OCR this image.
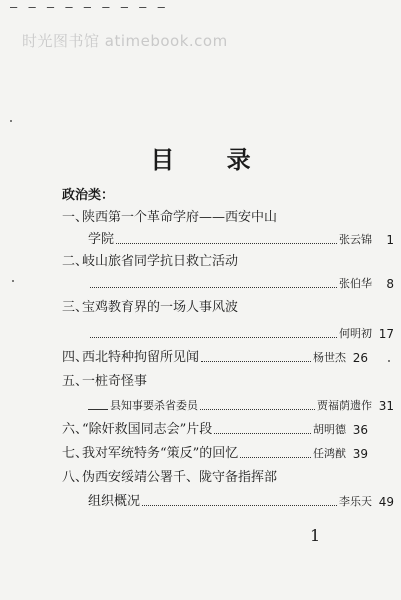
— — — — — — — — —
时光图书馆 atimebook.com
目 录
政治类：
一、
陕西第一个革命学府——西安中山
学院	张云锦	1
二、
岐山旅省同学抗日救亡活动
张伯华	8
三、
宝鸡教育界的一场人事风波
何明初 17
四、
西北特种拘留所见闻	杨世杰 26
五、
一桩奇怪事
县知事要杀省委员	贾福荫遗作 31
六、
“除奸救国同志会”片段	胡明德 36
七、
我对军统特务“策反”的回忆	任鸿猷 39
八、
伪西安绥靖公署千、陇守备指挥部
组织概况	李乐天 49
1
